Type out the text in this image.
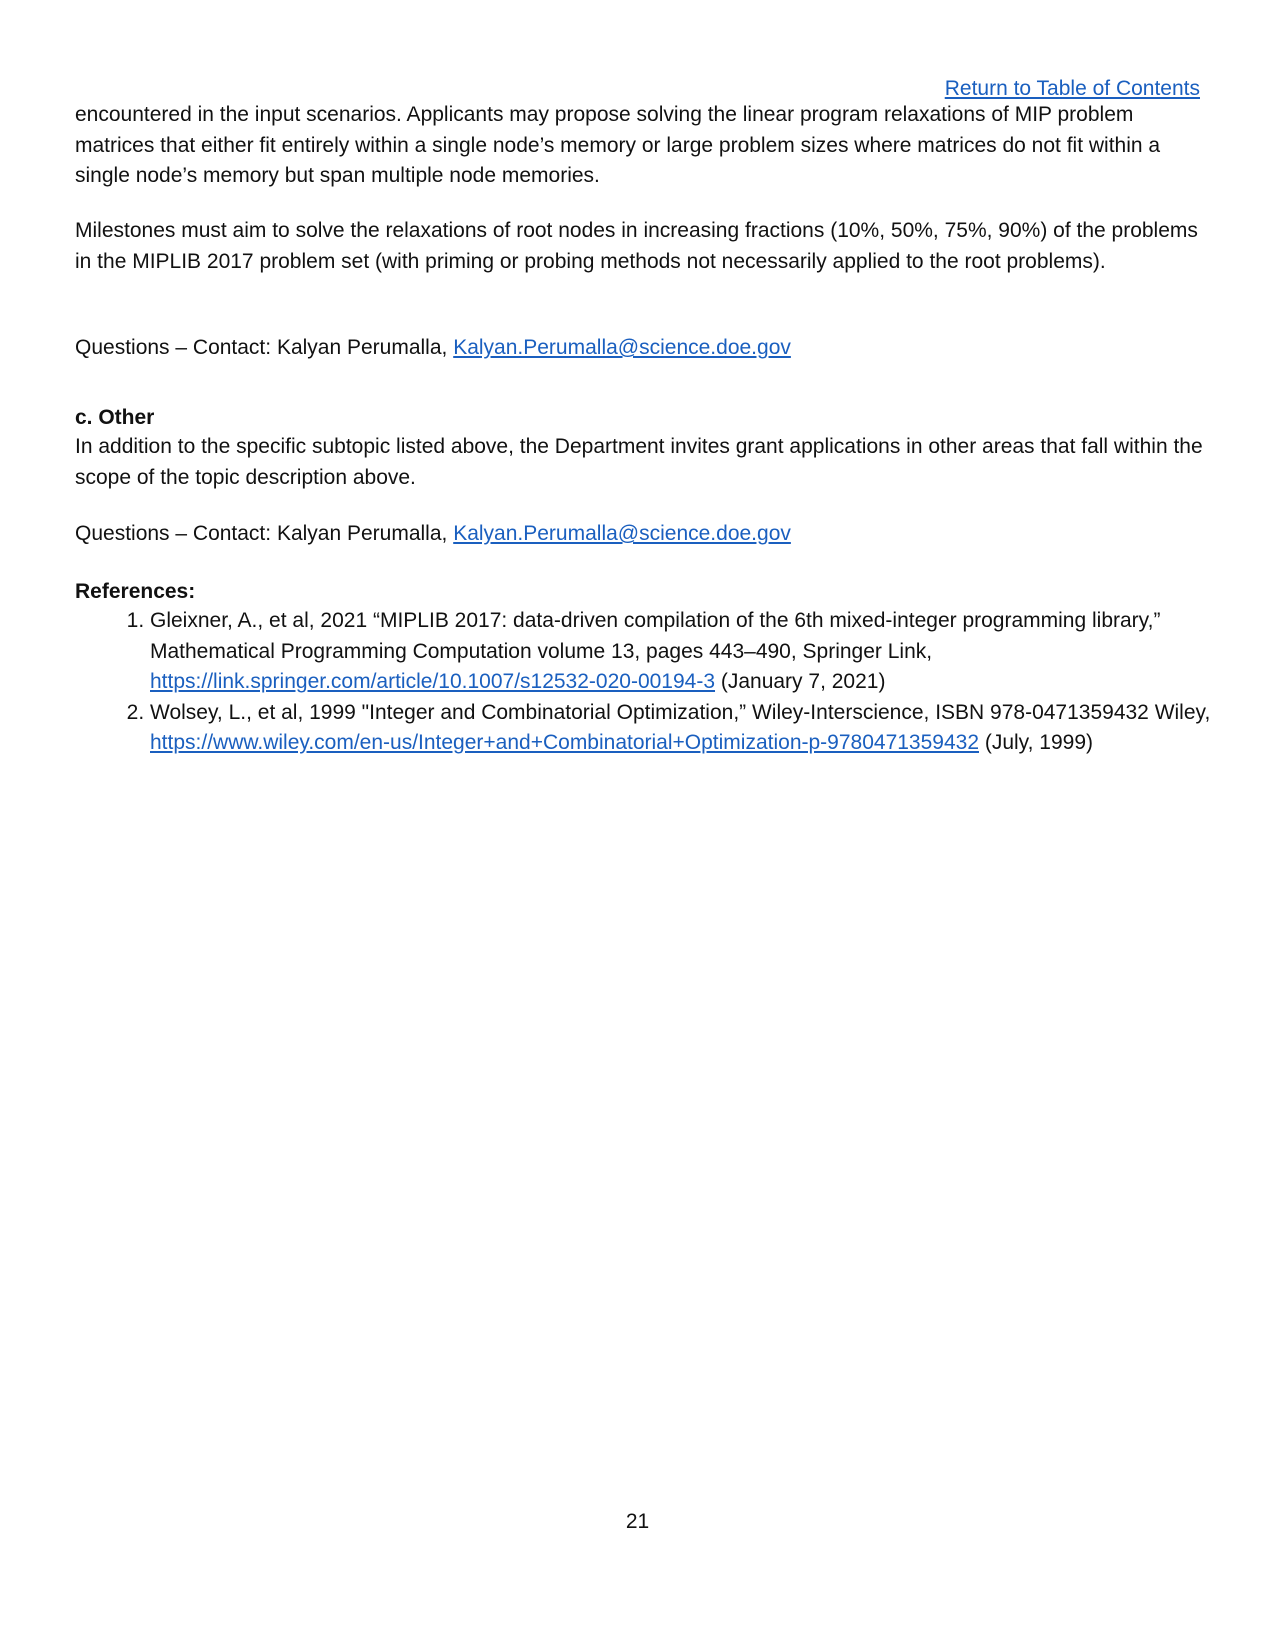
Return to Table of Contents

encountered in the input scenarios. Applicants may propose solving the linear program relaxations of MIP problem matrices that either fit entirely within a single node’s memory or large problem sizes where matrices do not fit within a single node’s memory but span multiple node memories.

Milestones must aim to solve the relaxations of root nodes in increasing fractions (10%, 50%, 75%, 90%) of the problems in the MIPLIB 2017 problem set (with priming or probing methods not necessarily applied to the root problems).

Questions – Contact: Kalyan Perumalla, Kalyan.Perumalla@science.doe.gov

c. Other

In addition to the specific subtopic listed above, the Department invites grant applications in other areas that fall within the scope of the topic description above.

Questions – Contact: Kalyan Perumalla, Kalyan.Perumalla@science.doe.gov

References:

1. Gleixner, A., et al, 2021 “MIPLIB 2017: data-driven compilation of the 6th mixed-integer programming library,” Mathematical Programming Computation volume 13, pages 443–490, Springer Link, https://link.springer.com/article/10.1007/s12532-020-00194-3 (January 7, 2021)
2. Wolsey, L., et al, 1999 "Integer and Combinatorial Optimization,” Wiley-Interscience, ISBN 978-0471359432 Wiley, https://www.wiley.com/en-us/Integer+and+Combinatorial+Optimization-p-9780471359432 (July, 1999)
21
